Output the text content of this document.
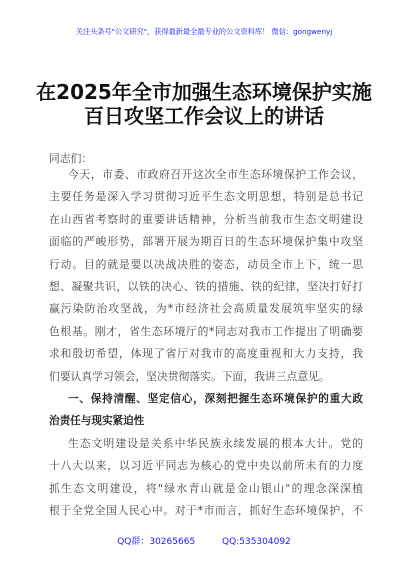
关注头条号"公文研究"，获得最新最全最专业的公文资料库！ 微信：gongwenyj
在2025年全市加强生态环境保护实施
百日攻坚工作会议上的讲话
同志们：
今天，市委、市政府召开这次全市生态环境保护工作会议，
主要任务是深入学习贯彻习近平生态文明思想，特别是总书记
在山西省考察时的重要讲话精神，分析当前我市生态文明建设
面临的严峻形势，部署开展为期百日的生态环境保护集中攻坚
行动。目的就是要以决战决胜的姿态，动员全市上下，统一思
想、凝聚共识，以铁的决心、铁的措施、铁的纪律，坚决打好打
赢污染防治攻坚战，为*市经济社会高质量发展筑牢坚实的绿
色根基。刚才，省生态环境厅的*同志对我市工作提出了明确要
求和殷切希望，体现了省厅对我市的高度重视和大力支持，我
们要认真学习领会，坚决贯彻落实。下面，我讲三点意见。
一、保持清醒、坚定信心，深刻把握生态环境保护的重大政
治责任与现实紧迫性
生态文明建设是关系中华民族永续发展的根本大计。党的
十八大以来，以习近平同志为核心的党中央以前所未有的力度
抓生态文明建设，将"绿水青山就是金山银山"的理念深深植
根于全党全国人民心中。对于*市而言，抓好生态环境保护，不
QQ群：30265665	QQ:535304092
